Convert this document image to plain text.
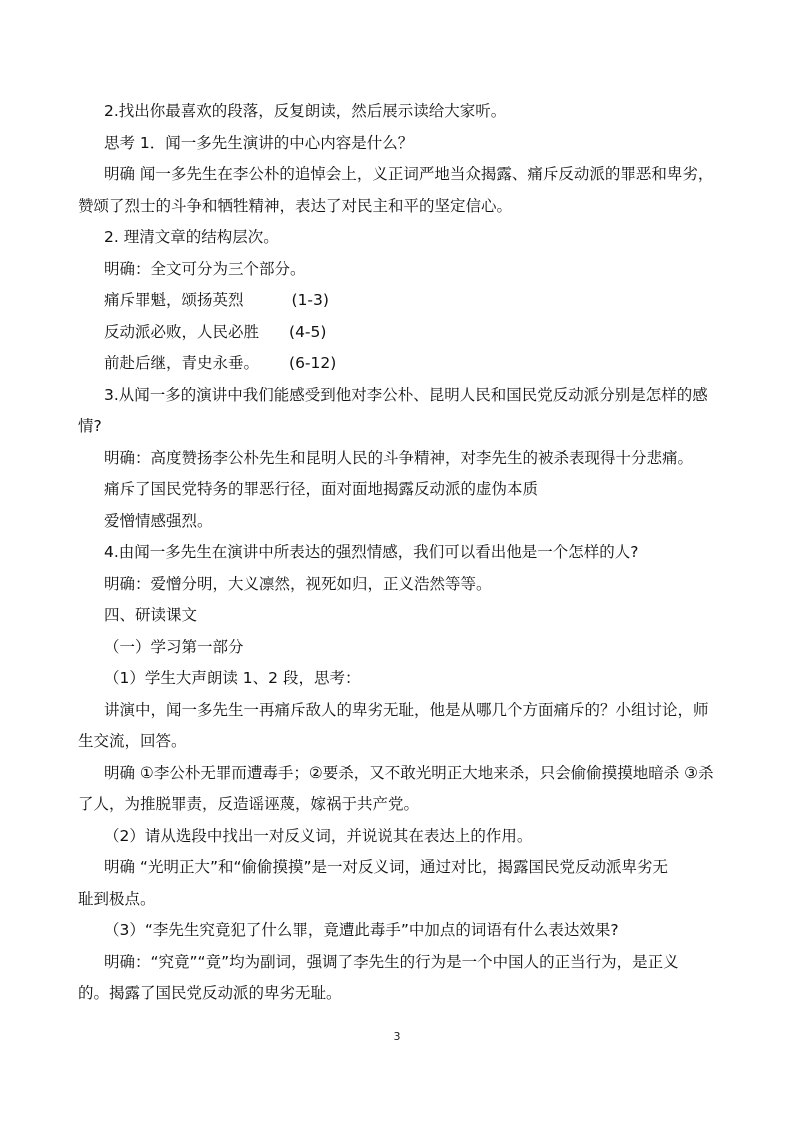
2.找出你最喜欢的段落，反复朗读，然后展示读给大家听。
思考 1．闻一多先生演讲的中心内容是什么？
明确 闻一多先生在李公朴的追悼会上，义正词严地当众揭露、痛斥反动派的罪恶和卑劣，
赞颂了烈士的斗争和牺牲精神，表达了对民主和平的坚定信心。
2. 理清文章的结构层次。
明确：全文可分为三个部分。
痛斥罪魁，颂扬英烈	(1-3)
反动派必败，人民必胜 (4-5)
前赴后继，青史永垂。 (6-12)
3.从闻一多的演讲中我们能感受到他对李公朴、昆明人民和国民党反动派分别是怎样的感
情?
明确：高度赞扬李公朴先生和昆明人民的斗争精神，对李先生的被杀表现得十分悲痛。
痛斥了国民党特务的罪恶行径，面对面地揭露反动派的虚伪本质
爱憎情感强烈。
4.由闻一多先生在演讲中所表达的强烈情感，我们可以看出他是一个怎样的人?
明确：爱憎分明，大义凛然，视死如归，正义浩然等等。
四、研读课文
（一）学习第一部分
（1）学生大声朗读 1、2 段，思考：
讲演中，闻一多先生一再痛斥敌人的卑劣无耻，他是从哪几个方面痛斥的？小组讨论，师
生交流，回答。
明确 ①李公朴无罪而遭毒手；②要杀，又不敢光明正大地来杀，只会偷偷摸摸地暗杀 ③杀
了人，为推脱罪责，反造谣诬蔑，嫁祸于共产党。
（2）请从选段中找出一对反义词，并说说其在表达上的作用。
明确 “光明正大”和“偷偷摸摸”是一对反义词，通过对比，揭露国民党反动派卑劣无
耻到极点。
（3）“李先生究竟犯了什么罪，竟遭此毒手”中加点的词语有什么表达效果?
明确：“究竟”“竟”均为副词，强调了李先生的行为是一个中国人的正当行为，是正义
的。揭露了国民党反动派的卑劣无耻。
3
